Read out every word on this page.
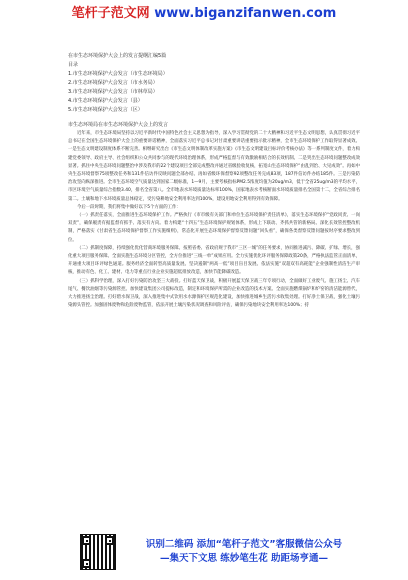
笔杆子范文网 www.biganzifanwen.com
在市生态环境保护大会上的发言提纲汇编5篇
目录
1.市生态环境保护大会发言（市生态环境局）
2.市生态环境保护大会发言（市水务局）
3.市生态环境保护大会发言（市林草局）
4.市生态环境保护大会发言（县）
5.市生态环境保护大会发言（区）
市生态环境局在市生态环境保护大会上的发言

近年来，市生态环境局坚持以习近平新时代中国特色社会主义思想为指导，深入学习贯彻党的二十大精神和习近平生态文明思想，认真贯彻习近平总书记在全国生态环境保护大会上的重要讲话精神，全面落实习近平总书记对甘肃重要讲话重要指示批示精神，全市生态环境保护工作取得显著成效。一是生态文明建设制度体系不断完善。相继研究出台《市生态文明体制改革实施方案》《市生态文明建设目标评价考核办法》等一系列制度文件，着力构建党委领导、政府主导、社会组织和公众共同参与的现代环境治理体系，形成严格监督与有效激励相结合的长效机制。二是突出生态环境问题整改成效显著。抓住中央生态环境问题整治中涉及我市的22个建设项目全部完成整改并通过省级验收复核，拓宽山生态环境保护“由乱到治、大见成效”。再如中央生态环境督察75项整改任务和131件信访件反映问题全部办结。再如省级环保督察92项整改任务完成83项，187件信访件办结185件。三是污染防治攻坚向纵深推进。全市生态环境空气质量达到国家二级标准，1—9月，主要考核指标PM2.5浓度均值为20ug/m3，低于全省25ug/m3的平均水平，市区环境空气质量综合指数3.40，排名全省第八。全市地表水环境质量达标率100%，国家地表水考核断面水环境质量排名全国第十二，全省综合排名第二。土壤和地下水环境质量总体稳定，受污染耕地安全利用率达到100%，建设用地安全利用得到有效保障。

今后一段时期，我们将集中做好以下5个方面的工作：

（一）抓责任落实，全面推进生态环境保护工作。严格执行《市市级有关部门和单位生态环境保护责任清单》，落实生态环境保护“党政同责、一岗双责”，确保履责有据监督有抓手、落实有方向。着力构建“十四五”生态环境保护规划体系，形成上下联动、齐抓共管的新格局。深化长效管控整改机制，严格落实《甘肃省生态环境保护督察工作实施细则》，常态化开展生态环境保护督察反馈问题“回头看”，确保各类督察反馈问题按时序要求整改到位。

（二）抓制度保障，持续强化优化营商环境服务保障。按照省委、省政府规于我市“三区一城”的任务要求，协同推进减污、降碳、扩绿、增长，强化重大项目服务保障。全面实施生态环境分区管控，全方位推进“三线一单”成果应用。全力实施优化环评服务保障政策20条，严格执法监管正面清单，开通重大项目环评绿色通道。服务经济全面转型高质量发展。坚决遏制“两高一低”项目盲目发展。依法实施“双超双有高耗能”企业强制性清洁生产审核，推动有色、化工、建材、电力等重点行业企业实施超低排放改造，加快节能降碳改造。

（三）抓科学治理，深入打好污染防治攻坚三大战役。打好蓝天保卫战，积极开展蓝天保卫战三年专项行动，全面做好工业废气、施工扬尘、汽车尾气、餐饮油烟等污染源管控。加快建设集团公司提标改造，制定和环境保护所需的企业改造的技术方案。全面实施燃煤锅炉和炉窑的清洁能源替代，大力推进扬尘治理。打好碧水保卫战，深入推进集中式饮用水水源保护区规范化建设，加快推进城乡生活污水收集处理。打好净土保卫战，强化土壤污染源头管控。加强固体废物和危险废物监管，依法开展土壤污染状况调查和风险评估，确保污染地块安全利用率达100%；持

识别二维码 添加“笔杆子范文”客服微信公众号
—集天下文思 练妙笔生花 助距场亨通—
